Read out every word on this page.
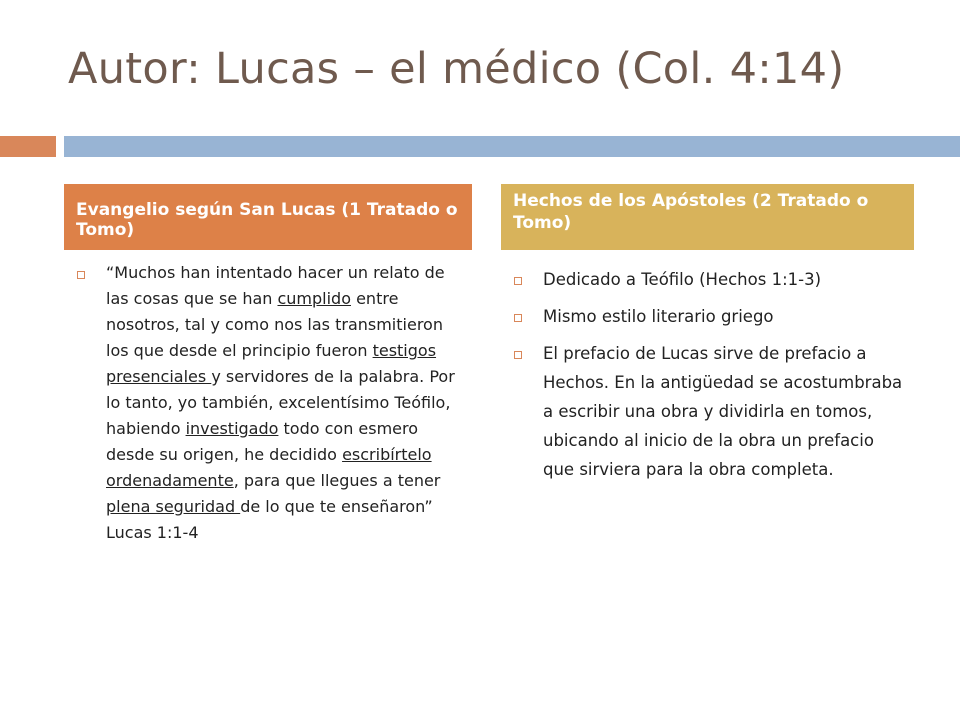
Autor: Lucas – el médico (Col. 4:14)
Evangelio según San Lucas (1 Tratado o Tomo)
Hechos de los Apóstoles (2 Tratado o Tomo)
“Muchos han intentado hacer un relato de las cosas que se han cumplido entre nosotros, tal y como nos las transmitieron los que desde el principio fueron testigos presenciales y servidores de la palabra. Por lo tanto, yo también, excelentísimo Teófilo, habiendo investigado todo con esmero desde su origen, he decidido escribírtelo ordenadamente, para que llegues a tener plena seguridad de lo que te enseñaron” Lucas 1:1-4
Dedicado a Teófilo (Hechos 1:1-3)
Mismo estilo literario griego
El prefacio de Lucas sirve de prefacio a Hechos. En la antigüedad se acostumbraba a escribir una obra y dividirla en tomos, ubicando al inicio de la obra un prefacio que sirviera para la obra completa.
